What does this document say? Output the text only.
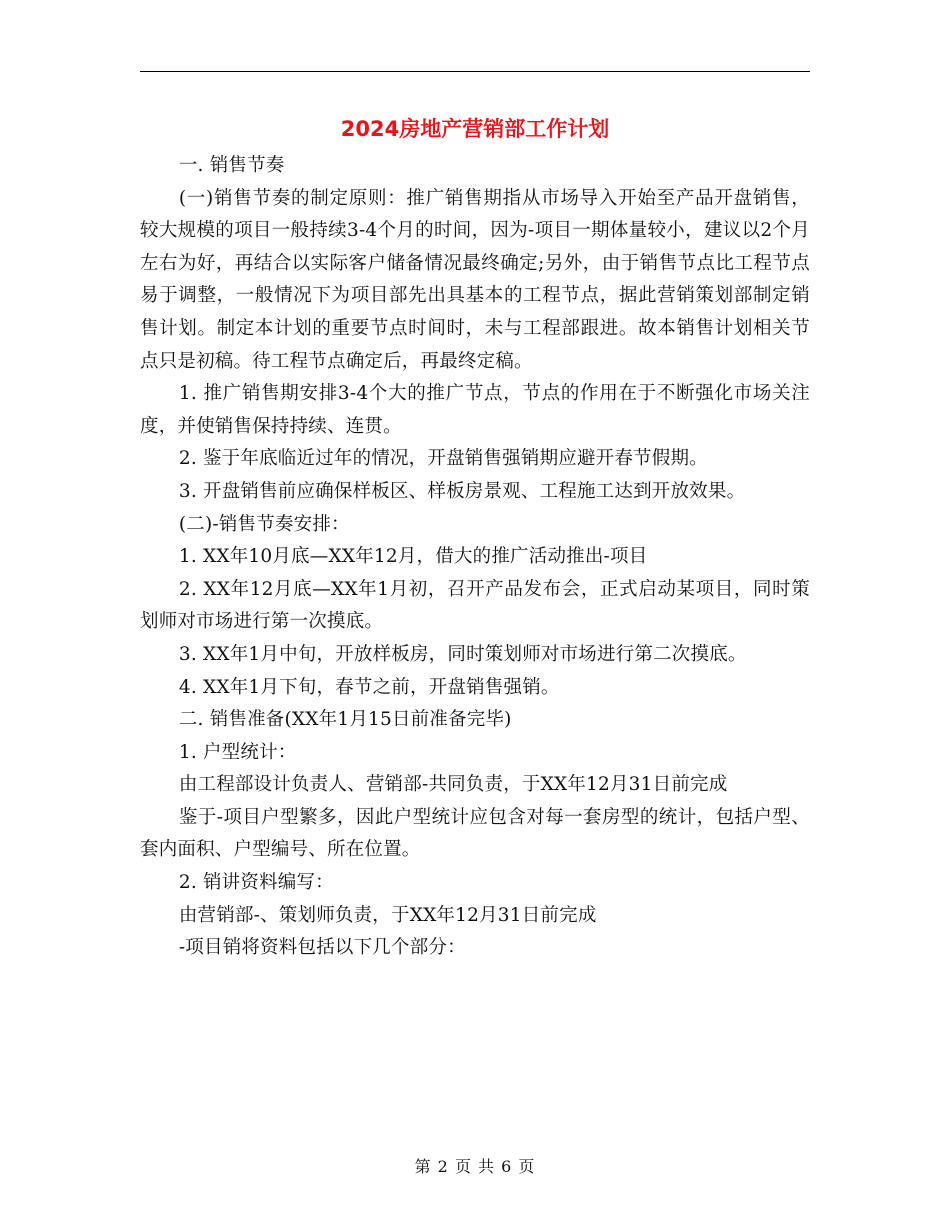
2024房地产营销部工作计划

一. 销售节奏

(一)销售节奏的制定原则：推广销售期指从市场导入开始至产品开盘销售，较大规模的项目一般持续3-4个月的时间，因为-项目一期体量较小，建议以2个月左右为好，再结合以实际客户储备情况最终确定;另外，由于销售节点比工程节点易于调整，一般情况下为项目部先出具基本的工程节点，据此营销策划部制定销售计划。制定本计划的重要节点时间时，未与工程部跟进。故本销售计划相关节点只是初稿。待工程节点确定后，再最终定稿。

1. 推广销售期安排3-4个大的推广节点，节点的作用在于不断强化市场关注度，并使销售保持持续、连贯。

2. 鉴于年底临近过年的情况，开盘销售强销期应避开春节假期。

3. 开盘销售前应确保样板区、样板房景观、工程施工达到开放效果。

(二)-销售节奏安排：

1. XX年10月底—XX年12月，借大的推广活动推出-项目

2. XX年12月底—XX年1月初，召开产品发布会，正式启动某项目，同时策划师对市场进行第一次摸底。

3. XX年1月中旬，开放样板房，同时策划师对市场进行第二次摸底。

4. XX年1月下旬，春节之前，开盘销售强销。

二. 销售准备(XX年1月15日前准备完毕)

1. 户型统计：

由工程部设计负责人、营销部-共同负责，于XX年12月31日前完成

鉴于-项目户型繁多，因此户型统计应包含对每一套房型的统计，包括户型、套内面积、户型编号、所在位置。

2. 销讲资料编写：

由营销部-、策划师负责，于XX年12月31日前完成

-项目销将资料包括以下几个部分：

第 2 页 共 6 页
